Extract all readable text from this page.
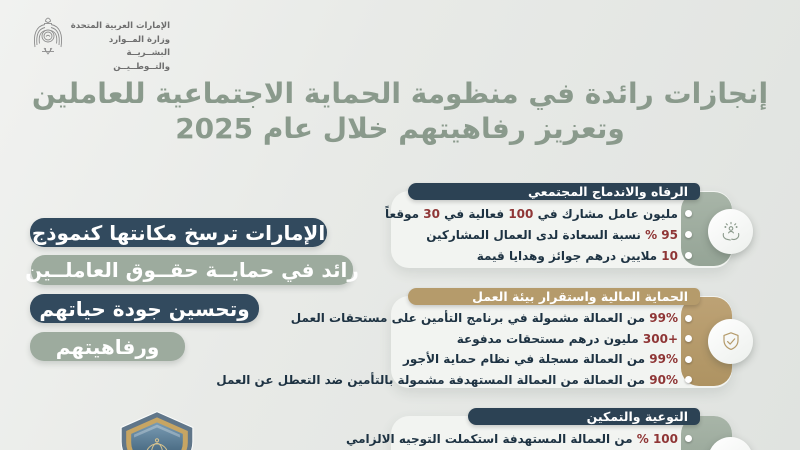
الإمارات العربية المتحدة
وزارة المــوارد البشــريــة
والتــوطــيــن
إنجازات رائدة في منظومة الحماية الاجتماعية للعاملين
وتعزيز رفاهيتهم خلال عام 2025
الإمارات ترسخ مكانتها كنموذج
رائد في حمايــة حقــوق العاملــين
وتحسين جودة حياتهم
ورفاهيتهم
الرفاه والاندماج المجتمعي
مليون عامل مشارك في 100 فعالية في 30 موقعاً
95 % نسبة السعادة لدى العمال المشاركين
10 ملايين درهم جوائز وهدايا قيمة
الحماية المالية واستقرار بيئة العمل
99% من العمالة مشمولة في برنامج التأمين على مستحقات العمل
+300 مليون درهم مستحقات مدفوعة
99% من العمالة مسجلة في نظام حماية الأجور
90% من العمالة من العمالة المستهدفة مشمولة بالتأمين ضد التعطل عن العمل
التوعية والتمكين
100 % من العمالة المستهدفة استكملت التوجيه الالزامي
